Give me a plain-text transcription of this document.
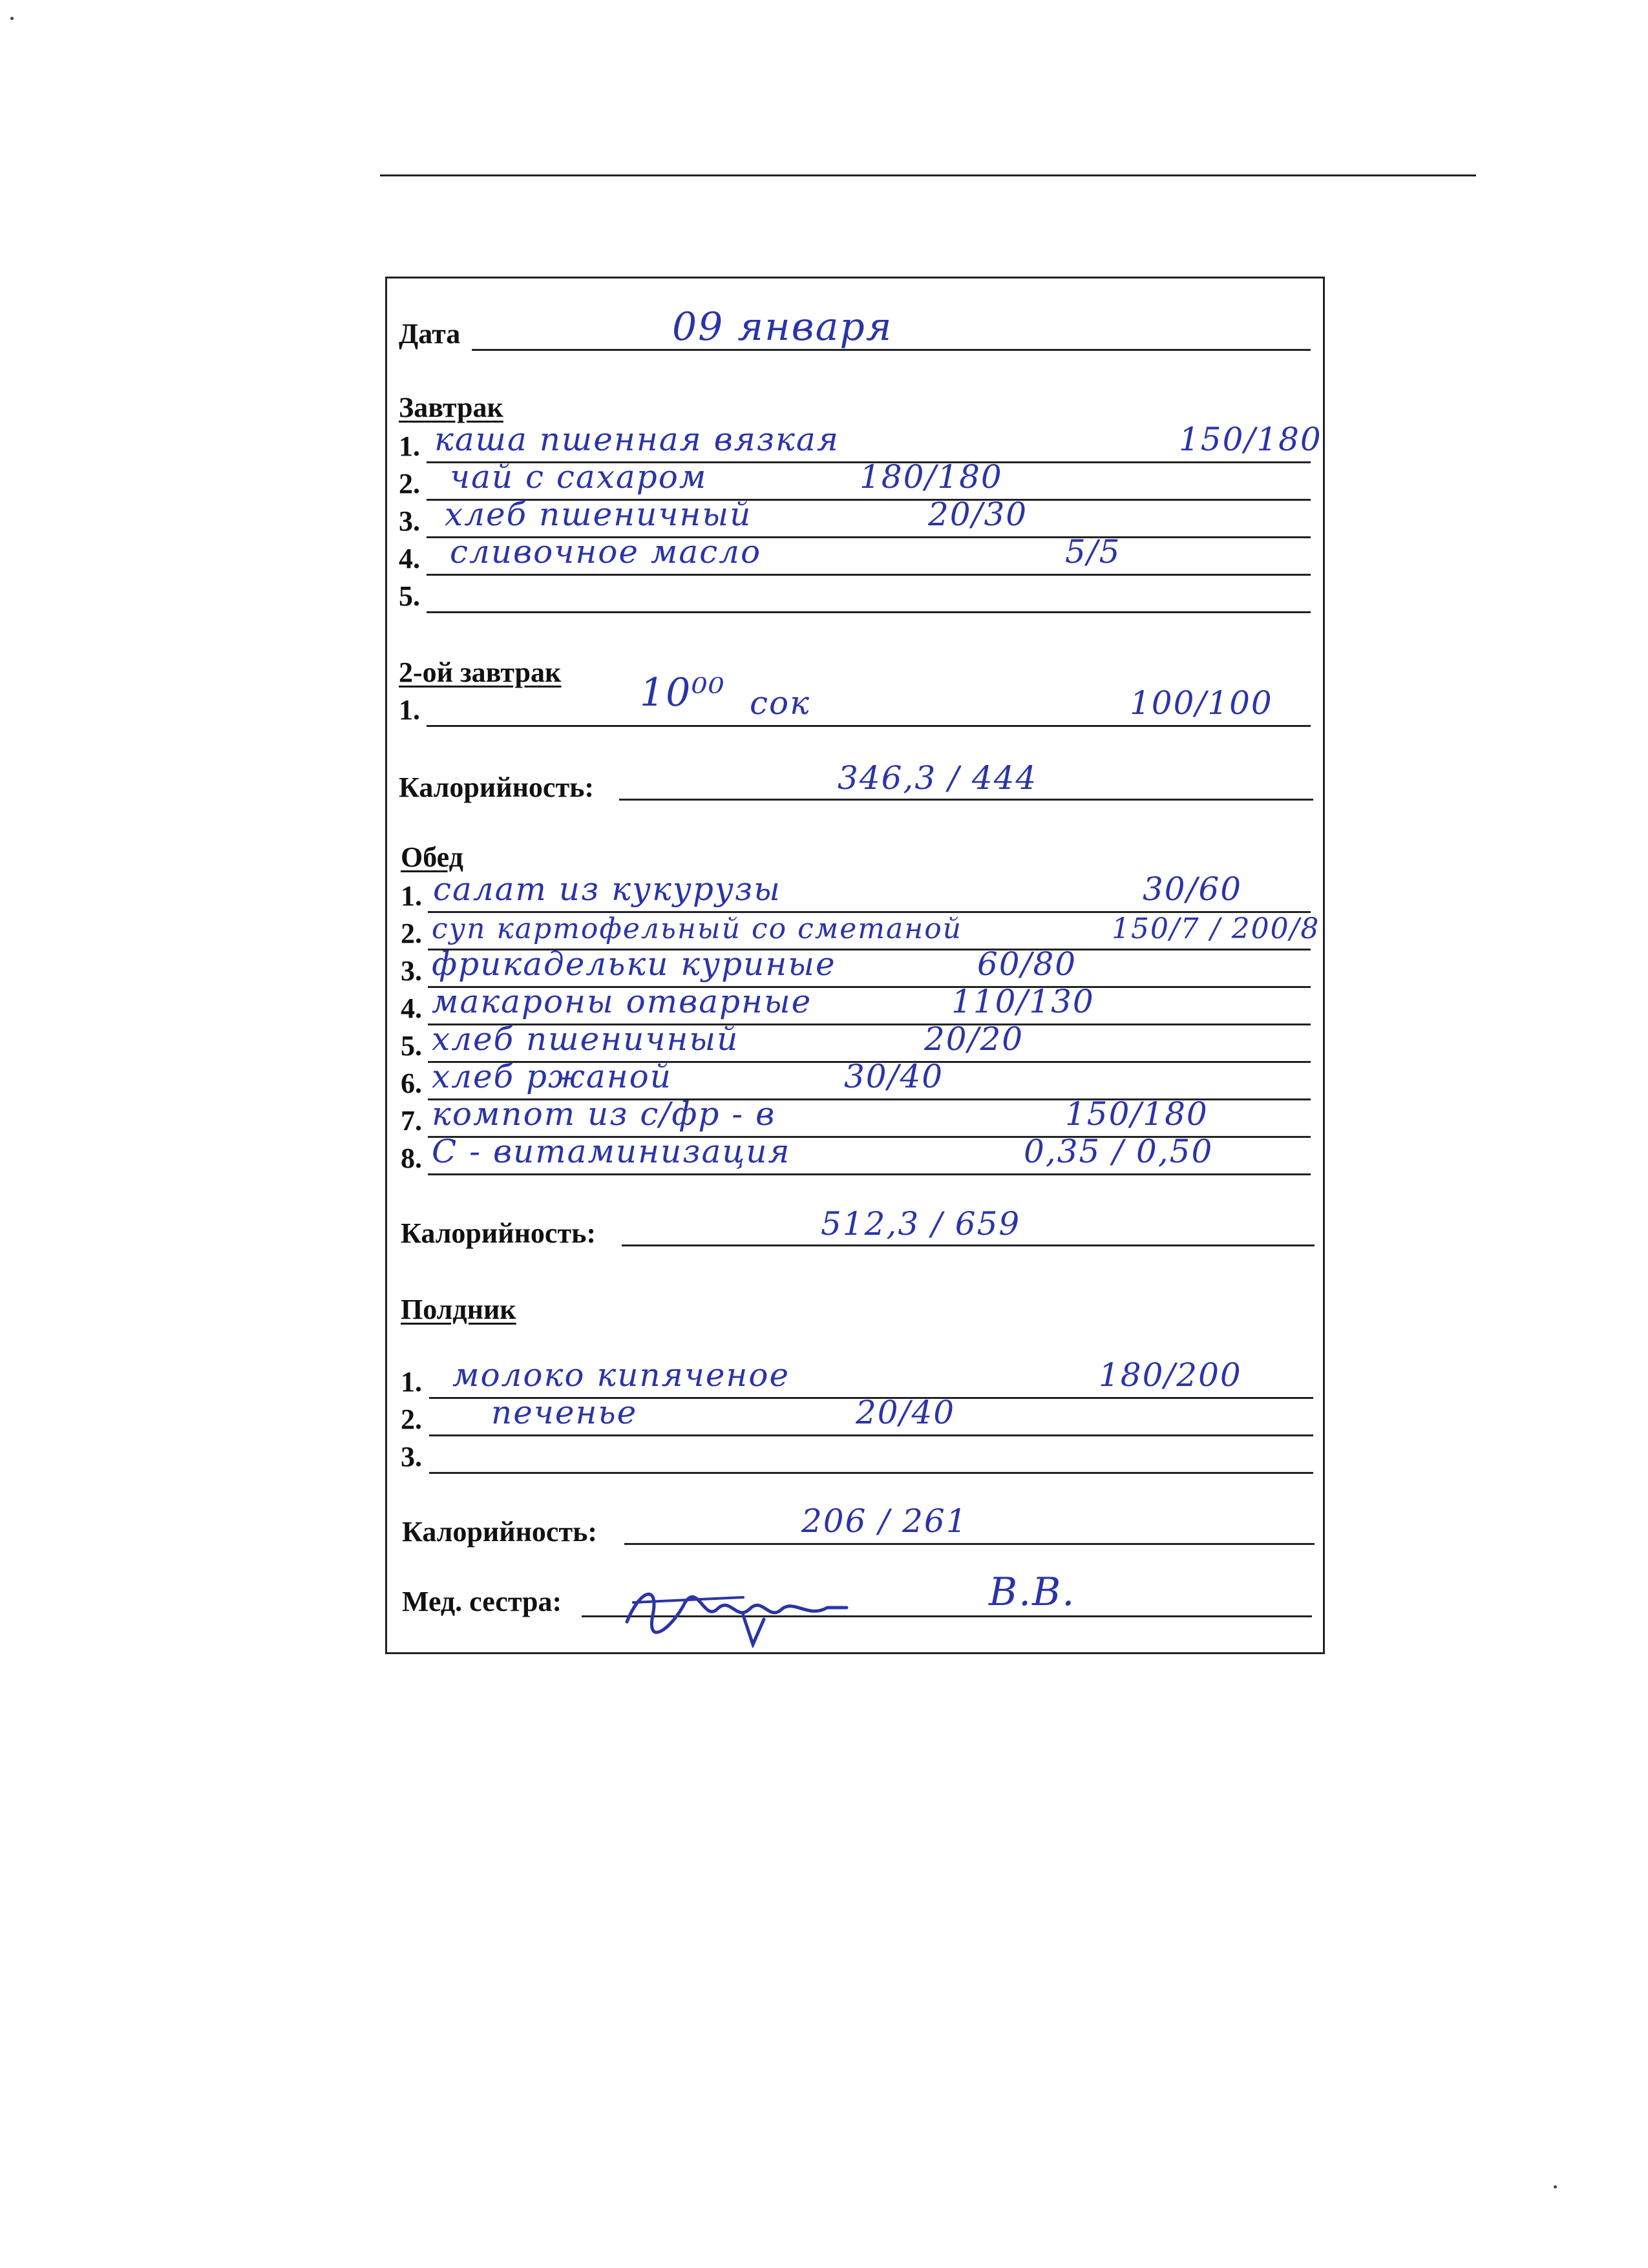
Дата	09 января
Завтрак
1. каша пшенная вязкая	150/180
2. чай с сахаром	180/180
3. хлеб пшеничный	20/30
4. сливочное масло	5/5
5.
2-ой завтрак
1.	10⁰⁰ сок	100/100
Калорийность:	346,3 / 444
Обед
1. салат из кукурузы	30/60
2. суп картофельный со сметаной	150/7 / 200/8
3. фрикадельки куриные	60/80
4. макароны отварные	110/130
5. хлеб пшеничный	20/20
6. хлеб ржаной	30/40
7. компот из с/фр - в	150/180
8. С - витаминизация	0,35 / 0,50
Калорийность:	512,3 / 659
Полдник
1. молоко кипяченое	180/200
2. печенье	20/40
3.
Калорийность:	206 / 261
Мед. сестра:	В.В.
